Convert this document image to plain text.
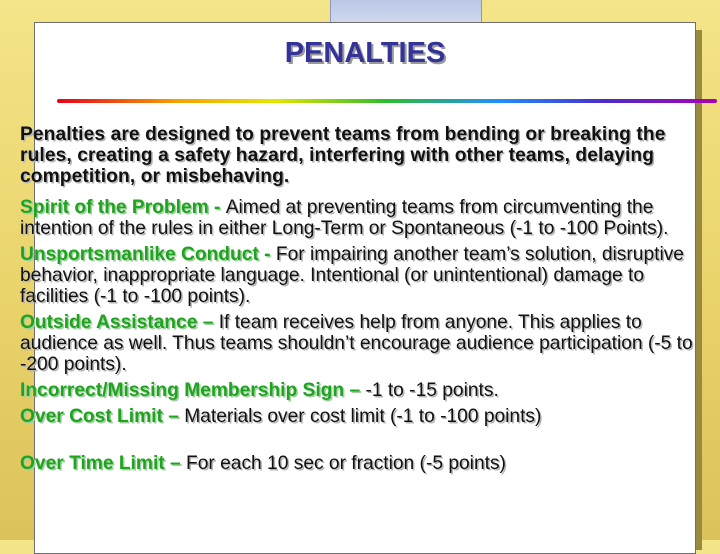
PENALTIES

Penalties are designed to prevent teams from bending or breaking the rules, creating a safety hazard, interfering with other teams, delaying competition, or misbehaving.

Spirit of the Problem - Aimed at preventing teams from circumventing the intention of the rules in either Long-Term or Spontaneous (-1 to -100 Points).

Unsportsmanlike Conduct - For impairing another team’s solution, disruptive behavior, inappropriate language. Intentional (or unintentional) damage to facilities (-1 to -100 points).

Outside Assistance – If team receives help from anyone. This applies to audience as well. Thus teams shouldn’t encourage audience participation (-5 to -200 points).

Incorrect/Missing Membership Sign – -1 to -15 points.

Over Cost Limit – Materials over cost limit (-1 to -100 points)

Over Time Limit – For each 10 sec or fraction (-5 points)
